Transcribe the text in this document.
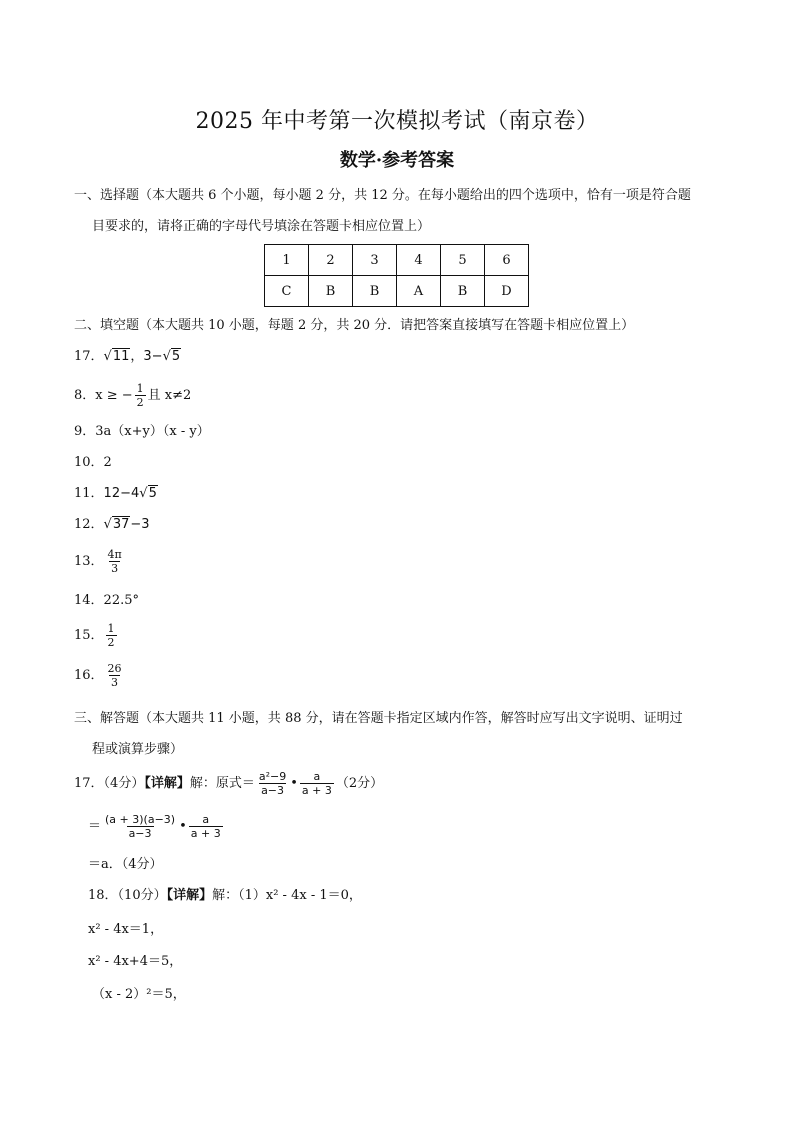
2025 年中考第一次模拟考试（南京卷）
数学·参考答案
一、选择题（本大题共 6 个小题，每小题 2 分，共 12 分。在每小题给出的四个选项中，恰有一项是符合题
目要求的，请将正确的字母代号填涂在答题卡相应位置上）
1	2	3	4	5	6
C	B	B	A	B	D
二、填空题（本大题共 10 小题，每题 2 分，共 20 分．请把答案直接填写在答题卡相应位置上）
17．√11，3−√5
8．x ≥ − $\frac{1}{2}$ 且 x≠2
9．3a（x+y）（x - y）
10．2
11．12−4√5
12．√37−3
13． $\frac{4\pi}{3}$
14．22.5°
15． $\frac{1}{2}$
16． $\frac{26}{3}$
三、解答题（本大题共 11 小题，共 88 分，请在答题卡指定区域内作答，解答时应写出文字说明、证明过
程或演算步骤）
17．（4分）【详解】解：原式＝ $\frac{\text{a²−9}}{a-3}$ • $\frac{a}{a + 3} (2$分）
＝ $\frac{(a + 3)(a-3)}{a-3}$ • $\frac{a}{a + 3}$
＝a．（4分）
18．（10分）【详解】解：（1）x² - 4x - 1＝0，
x² - 4x＝1，
x² - 4x+4＝5，
（x - 2）²＝5，
